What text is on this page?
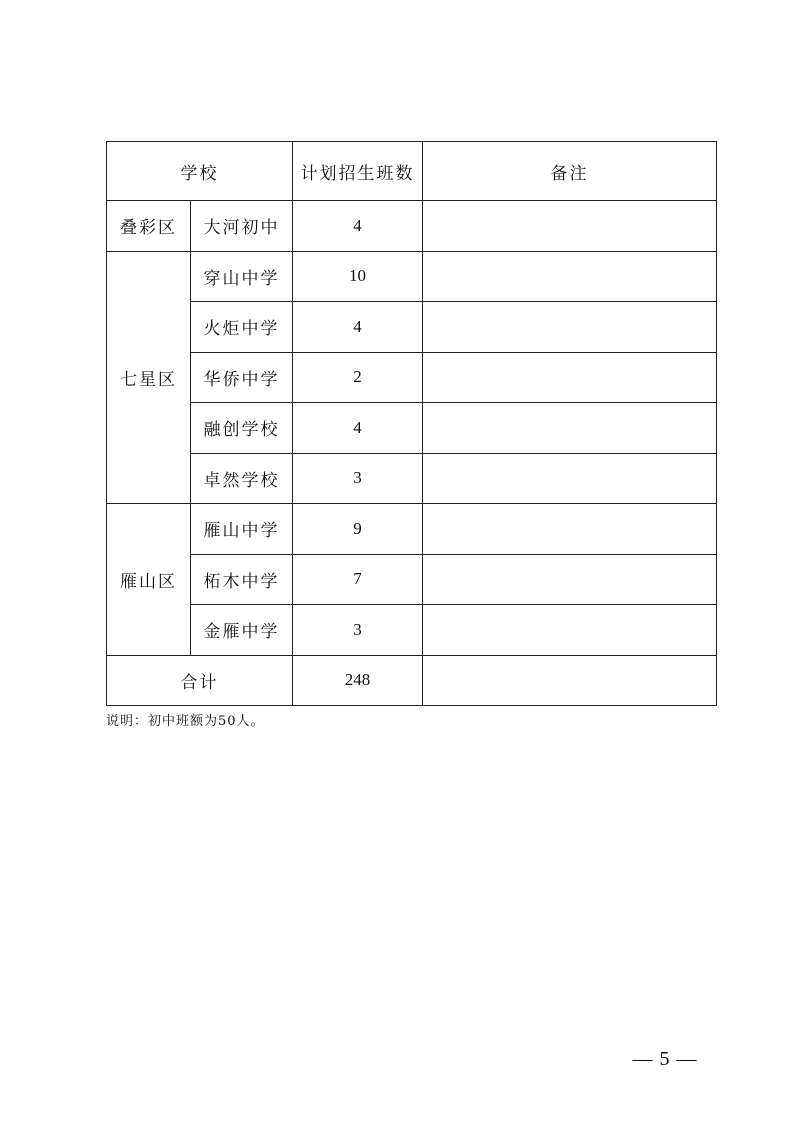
学校		计划招生班数	备注
叠彩区	大河初中	4	
七星区	穿山中学	10	
	火炬中学	4	
	华侨中学	2	
	融创学校	4	
	卓然学校	3	
雁山区	雁山中学	9	
	柘木中学	7	
	金雁中学	3	
合计		248	
说明：初中班额为50人。
— 5 —
